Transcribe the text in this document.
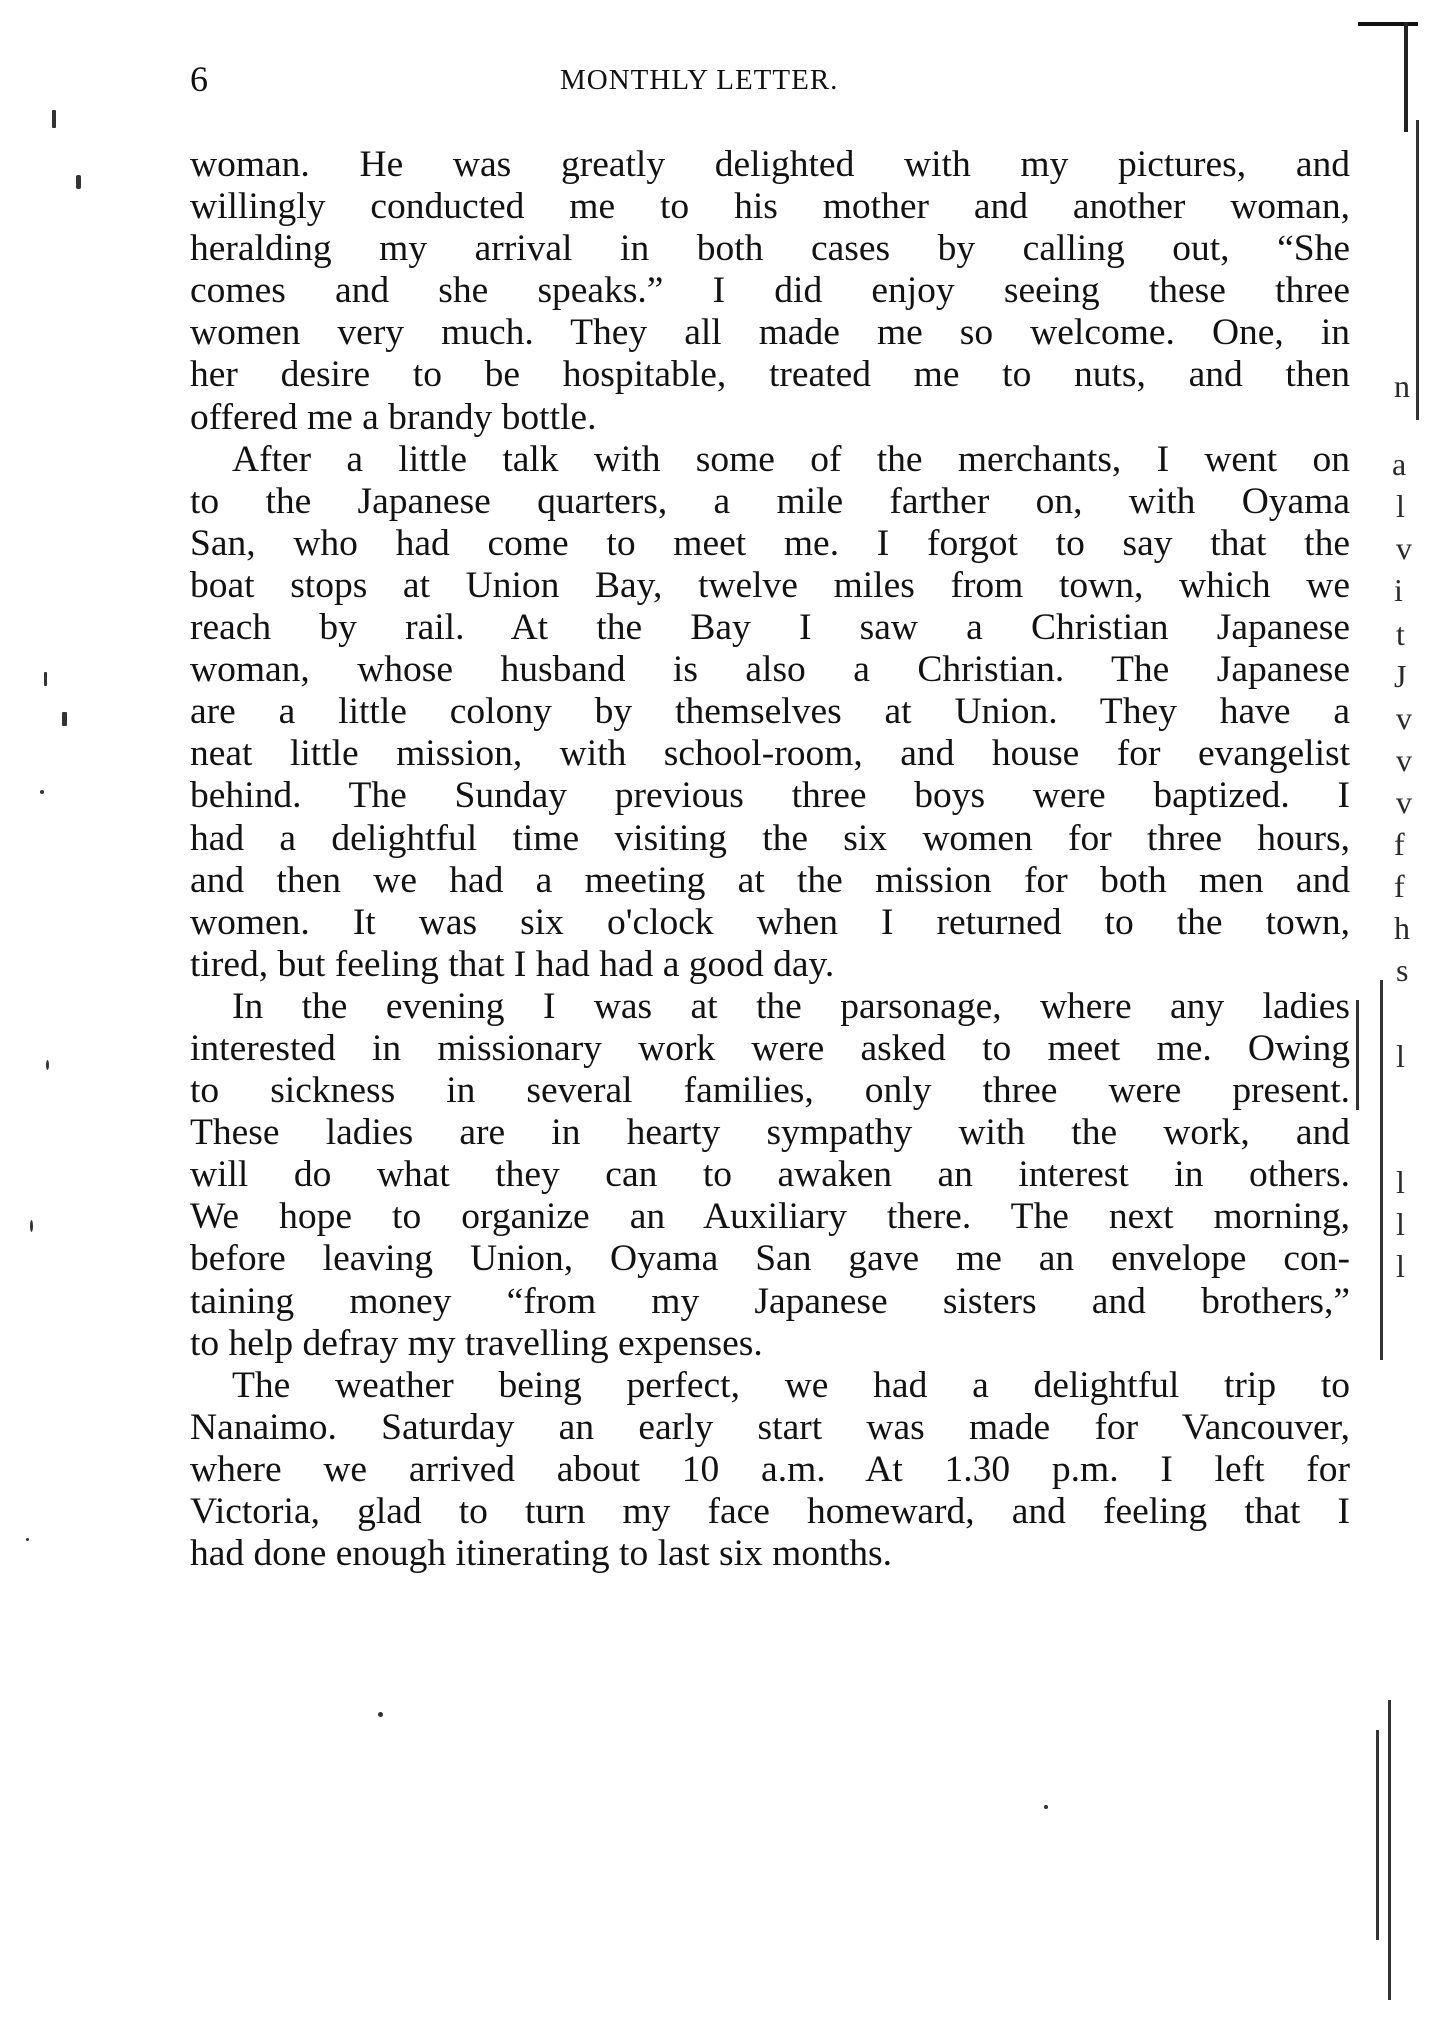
6	MONTHLY LETTER.
woman. He was greatly delighted with my pictures, and
willingly conducted me to his mother and another woman,
heralding my arrival in both cases by calling out, “She
comes and she speaks.” I did enjoy seeing these three
women very much. They all made me so welcome. One, in
her desire to be hospitable, treated me to nuts, and then
offered me a brandy bottle.
After a little talk with some of the merchants, I went on
to the Japanese quarters, a mile farther on, with Oyama
San, who had come to meet me. I forgot to say that the
boat stops at Union Bay, twelve miles from town, which we
reach by rail. At the Bay I saw a Christian Japanese
woman, whose husband is also a Christian. The Japanese
are a little colony by themselves at Union. They have a
neat little mission, with school-room, and house for evangelist
behind. The Sunday previous three boys were baptized. I
had a delightful time visiting the six women for three hours,
and then we had a meeting at the mission for both men and
women. It was six o'clock when I returned to the town,
tired, but feeling that I had had a good day.
In the evening I was at the parsonage, where any ladies
interested in missionary work were asked to meet me. Owing
to sickness in several families, only three were present.
These ladies are in hearty sympathy with the work, and
will do what they can to awaken an interest in others.
We hope to organize an Auxiliary there. The next morning,
before leaving Union, Oyama San gave me an envelope con-
taining money “from my Japanese sisters and brothers,”
to help defray my travelling expenses.
The weather being perfect, we had a delightful trip to
Nanaimo. Saturday an early start was made for Vancouver,
where we arrived about 10 a.m. At 1.30 p.m. I left for
Victoria, glad to turn my face homeward, and feeling that I
had done enough itinerating to last six months.
n
a
l
v
i
t
J
v
v
v
f
f
h
s
l
l
l
l
